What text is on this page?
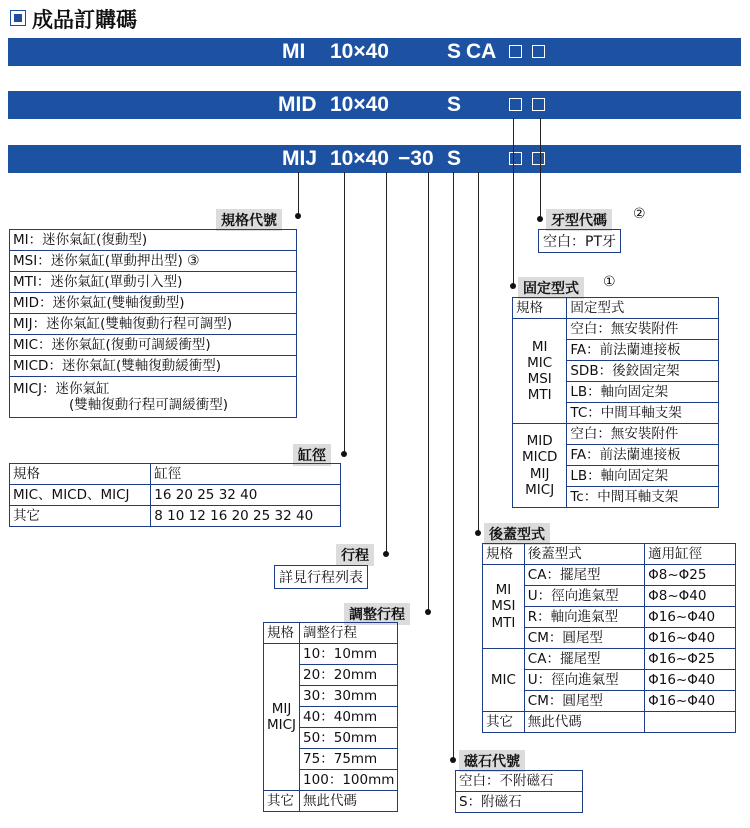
成品訂購碼
MI 10×40	S CA
MID 10×40	S
MIJ 10×40 −30 S
規格代號
MI：迷你氣缸(復動型)
MSI：迷你氣缸(單動押出型) ③
MTI：迷你氣缸(單動引入型)
MID：迷你氣缸(雙軸復動型)
MIJ：迷你氣缸(雙軸復動行程可調型)
MIC：迷你氣缸(復動可調緩衝型)
MICD：迷你氣缸(雙軸復動緩衝型)

MICJ：迷你氣缸
(雙軸復動行程可調緩衝型)
缸徑
規格	缸徑
MIC、MICD、MICJ	16 20 25 32 40
其它	8 10 12 16 20 25 32 40
行程
詳見行程列表
調整行程
規格	調整行程

MIJ
MICJ	10：10mm
	20：20mm
	30：30mm
	40：40mm
	50：50mm
	75：75mm
	100：100mm
其它	無此代碼
磁石代號
空白：不附磁石
S：附磁石
牙型代碼	②
空白：PT牙
固定型式	①
規格	固定型式

MI
MIC
MSI
MTI	空白：無安裝附件
	FA：前法蘭連接板
	SDB：後鉸固定架
	LB：軸向固定架
	TC：中間耳軸支架

MID
MICD
MIJ
MICJ	空白：無安裝附件
	FA：前法蘭連接板
	LB：軸向固定架
	Tc：中間耳軸支架
後蓋型式
規格	後蓋型式	適用缸徑

MI
MSI
MTI	CA：擺尾型	Φ8~Φ25
	U：徑向進氣型	Φ8~Φ40
	R：軸向進氣型	Φ16~Φ40
	CM：圓尾型	Φ16~Φ40
MIC	CA：擺尾型	Φ16~Φ25
	U：徑向進氣型	Φ16~Φ40
	CM：圓尾型	Φ16~Φ40
其它	無此代碼	
